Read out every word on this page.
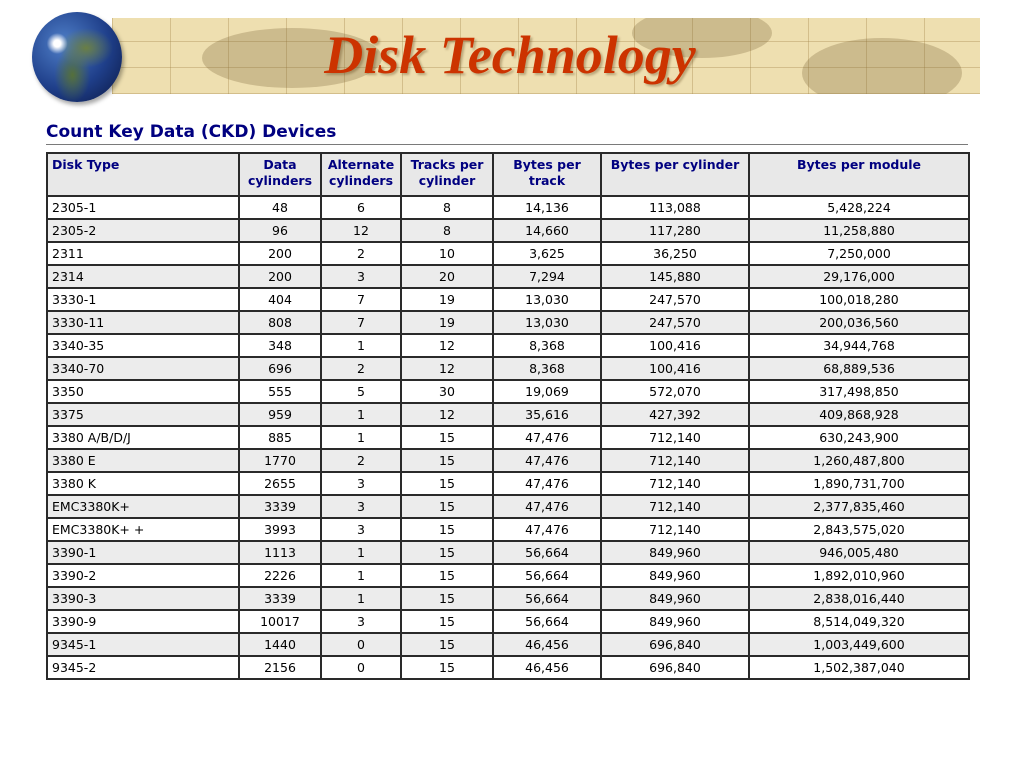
Disk Technology
Count Key Data (CKD) Devices
Disk Type	Data cylinders	Alternate cylinders	Tracks per cylinder	Bytes per track	Bytes per cylinder	Bytes per module
2305-1	48	6	8	14,136	113,088	5,428,224
2305-2	96	12	8	14,660	117,280	11,258,880
2311	200	2	10	3,625	36,250	7,250,000
2314	200	3	20	7,294	145,880	29,176,000
3330-1	404	7	19	13,030	247,570	100,018,280
3330-11	808	7	19	13,030	247,570	200,036,560
3340-35	348	1	12	8,368	100,416	34,944,768
3340-70	696	2	12	8,368	100,416	68,889,536
3350	555	5	30	19,069	572,070	317,498,850
3375	959	1	12	35,616	427,392	409,868,928
3380 A/B/D/J	885	1	15	47,476	712,140	630,243,900
3380 E	1770	2	15	47,476	712,140	1,260,487,800
3380 K	2655	3	15	47,476	712,140	1,890,731,700
EMC3380K+	3339	3	15	47,476	712,140	2,377,835,460
EMC3380K+ +	3993	3	15	47,476	712,140	2,843,575,020
3390-1	1113	1	15	56,664	849,960	946,005,480
3390-2	2226	1	15	56,664	849,960	1,892,010,960
3390-3	3339	1	15	56,664	849,960	2,838,016,440
3390-9	10017	3	15	56,664	849,960	8,514,049,320
9345-1	1440	0	15	46,456	696,840	1,003,449,600
9345-2	2156	0	15	46,456	696,840	1,502,387,040
